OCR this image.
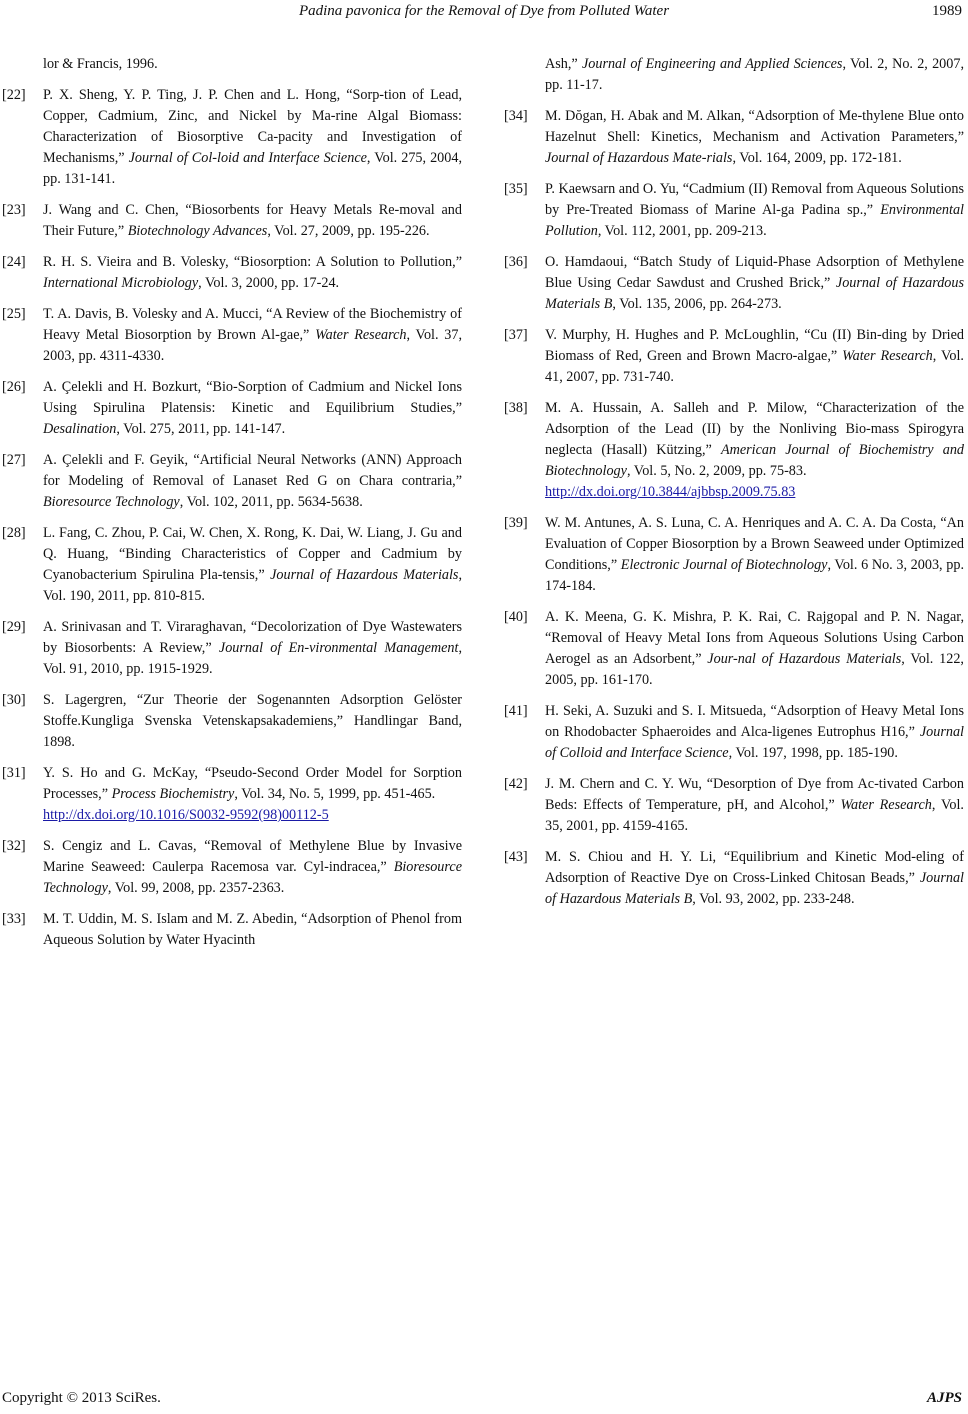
Padina pavonica for the Removal of Dye from Polluted Water	1989
lor & Francis, 1996.
[22] P. X. Sheng, Y. P. Ting, J. P. Chen and L. Hong, “Sorp-tion of Lead, Copper, Cadmium, Zinc, and Nickel by Ma-rine Algal Biomass: Characterization of Biosorptive Ca-pacity and Investigation of Mechanisms,” Journal of Col-loid and Interface Science, Vol. 275, 2004, pp. 131-141.
[23] J. Wang and C. Chen, “Biosorbents for Heavy Metals Re-moval and Their Future,” Biotechnology Advances, Vol. 27, 2009, pp. 195-226.
[24] R. H. S. Vieira and B. Volesky, “Biosorption: A Solution to Pollution,” International Microbiology, Vol. 3, 2000, pp. 17-24.
[25] T. A. Davis, B. Volesky and A. Mucci, “A Review of the Biochemistry of Heavy Metal Biosorption by Brown Al-gae,” Water Research, Vol. 37, 2003, pp. 4311-4330.
[26] A. Çelekli and H. Bozkurt, “Bio-Sorption of Cadmium and Nickel Ions Using Spirulina Platensis: Kinetic and Equilibrium Studies,” Desalination, Vol. 275, 2011, pp. 141-147.
[27] A. Çelekli and F. Geyik, “Artificial Neural Networks (ANN) Approach for Modeling of Removal of Lanaset Red G on Chara contraria,” Bioresource Technology, Vol. 102, 2011, pp. 5634-5638.
[28] L. Fang, C. Zhou, P. Cai, W. Chen, X. Rong, K. Dai, W. Liang, J. Gu and Q. Huang, “Binding Characteristics of Copper and Cadmium by Cyanobacterium Spirulina Pla-tensis,” Journal of Hazardous Materials, Vol. 190, 2011, pp. 810-815.
[29] A. Srinivasan and T. Viraraghavan, “Decolorization of Dye Wastewaters by Biosorbents: A Review,” Journal of En-vironmental Management, Vol. 91, 2010, pp. 1915-1929.
[30] S. Lagergren, “Zur Theorie der Sogenannten Adsorption Gelöster Stoffe.Kungliga Svenska Vetenskapsakademiens,” Handlingar Band, 1898.
[31] Y. S. Ho and G. McKay, “Pseudo-Second Order Model for Sorption Processes,” Process Biochemistry, Vol. 34, No. 5, 1999, pp. 451-465.
http://dx.doi.org/10.1016/S0032-9592(98)00112-5
[32] S. Cengiz and L. Cavas, “Removal of Methylene Blue by Invasive Marine Seaweed: Caulerpa Racemosa var. Cyl-indracea,” Bioresource Technology, Vol. 99, 2008, pp. 2357-2363.
[33] M. T. Uddin, M. S. Islam and M. Z. Abedin, “Adsorption of Phenol from Aqueous Solution by Water Hyacinth
Ash,” Journal of Engineering and Applied Sciences, Vol. 2, No. 2, 2007, pp. 11-17.
[34] M. Dŏgan, H. Abak and M. Alkan, “Adsorption of Me-thylene Blue onto Hazelnut Shell: Kinetics, Mechanism and Activation Parameters,” Journal of Hazardous Mate-rials, Vol. 164, 2009, pp. 172-181.
[35] P. Kaewsarn and O. Yu, “Cadmium (II) Removal from Aqueous Solutions by Pre-Treated Biomass of Marine Al-ga Padina sp.,” Environmental Pollution, Vol. 112, 2001, pp. 209-213.
[36] O. Hamdaoui, “Batch Study of Liquid-Phase Adsorption of Methylene Blue Using Cedar Sawdust and Crushed Brick,” Journal of Hazardous Materials B, Vol. 135, 2006, pp. 264-273.
[37] V. Murphy, H. Hughes and P. McLoughlin, “Cu (II) Bin-ding by Dried Biomass of Red, Green and Brown Macro-algae,” Water Research, Vol. 41, 2007, pp. 731-740.
[38] M. A. Hussain, A. Salleh and P. Milow, “Characterization of the Adsorption of the Lead (II) by the Nonliving Bio-mass Spirogyra neglecta (Hasall) Kützing,” American Journal of Biochemistry and Biotechnology, Vol. 5, No. 2, 2009, pp. 75-83.
http://dx.doi.org/10.3844/ajbbsp.2009.75.83
[39] W. M. Antunes, A. S. Luna, C. A. Henriques and A. C. A. Da Costa, “An Evaluation of Copper Biosorption by a Brown Seaweed under Optimized Conditions,” Electronic Journal of Biotechnology, Vol. 6 No. 3, 2003, pp. 174-184.
[40] A. K. Meena, G. K. Mishra, P. K. Rai, C. Rajgopal and P. N. Nagar, “Removal of Heavy Metal Ions from Aqueous Solutions Using Carbon Aerogel as an Adsorbent,” Jour-nal of Hazardous Materials, Vol. 122, 2005, pp. 161-170.
[41] H. Seki, A. Suzuki and S. I. Mitsueda, “Adsorption of Heavy Metal Ions on Rhodobacter Sphaeroides and Alca-ligenes Eutrophus H16,” Journal of Colloid and Interface Science, Vol. 197, 1998, pp. 185-190.
[42] J. M. Chern and C. Y. Wu, “Desorption of Dye from Ac-tivated Carbon Beds: Effects of Temperature, pH, and Alcohol,” Water Research, Vol. 35, 2001, pp. 4159-4165.
[43] M. S. Chiou and H. Y. Li, “Equilibrium and Kinetic Mod-eling of Adsorption of Reactive Dye on Cross-Linked Chitosan Beads,” Journal of Hazardous Materials B, Vol. 93, 2002, pp. 233-248.
Copyright © 2013 SciRes.	AJPS
